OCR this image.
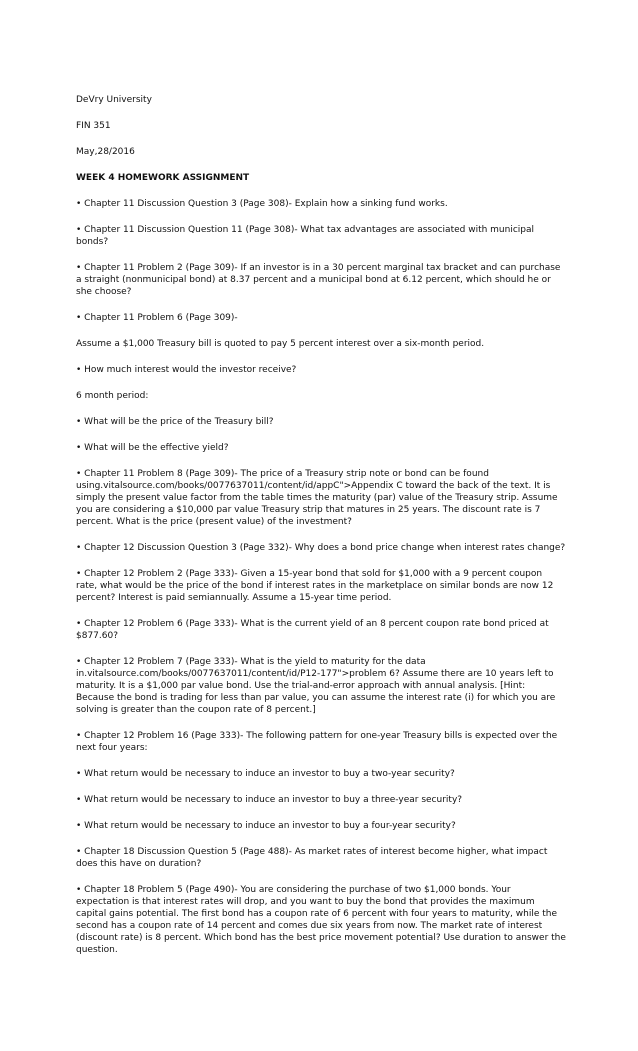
DeVry University

FIN 351

May,28/2016

WEEK 4 HOMEWORK ASSIGNMENT

• Chapter 11 Discussion Question 3 (Page 308)- Explain how a sinking fund works.

• Chapter 11 Discussion Question 11 (Page 308)- What tax advantages are associated with municipal bonds?

• Chapter 11 Problem 2 (Page 309)- If an investor is in a 30 percent marginal tax bracket and can purchase a straight (nonmunicipal bond) at 8.37 percent and a municipal bond at 6.12 percent, which should he or she choose?

• Chapter 11 Problem 6 (Page 309)-

Assume a $1,000 Treasury bill is quoted to pay 5 percent interest over a six-month period.

• How much interest would the investor receive?

6 month period:

• What will be the price of the Treasury bill?

• What will be the effective yield?

• Chapter 11 Problem 8 (Page 309)- The price of a Treasury strip note or bond can be found using.vitalsource.com/books/0077637011/content/id/appC">Appendix C toward the back of the text. It is simply the present value factor from the table times the maturity (par) value of the Treasury strip. Assume you are considering a $10,000 par value Treasury strip that matures in 25 years. The discount rate is 7 percent. What is the price (present value) of the investment?

• Chapter 12 Discussion Question 3 (Page 332)- Why does a bond price change when interest rates change?

• Chapter 12 Problem 2 (Page 333)- Given a 15-year bond that sold for $1,000 with a 9 percent coupon rate, what would be the price of the bond if interest rates in the marketplace on similar bonds are now 12 percent? Interest is paid semiannually. Assume a 15-year time period.

• Chapter 12 Problem 6 (Page 333)- What is the current yield of an 8 percent coupon rate bond priced at $877.60?

• Chapter 12 Problem 7 (Page 333)- What is the yield to maturity for the data in.vitalsource.com/books/0077637011/content/id/P12-177">problem 6? Assume there are 10 years left to maturity. It is a $1,000 par value bond. Use the trial-and-error approach with annual analysis. [Hint: Because the bond is trading for less than par value, you can assume the interest rate (i) for which you are solving is greater than the coupon rate of 8 percent.]

• Chapter 12 Problem 16 (Page 333)- The following pattern for one-year Treasury bills is expected over the next four years:

• What return would be necessary to induce an investor to buy a two-year security?

• What return would be necessary to induce an investor to buy a three-year security?

• What return would be necessary to induce an investor to buy a four-year security?

• Chapter 18 Discussion Question 5 (Page 488)- As market rates of interest become higher, what impact does this have on duration?

• Chapter 18 Problem 5 (Page 490)- You are considering the purchase of two $1,000 bonds. Your expectation is that interest rates will drop, and you want to buy the bond that provides the maximum capital gains potential. The first bond has a coupon rate of 6 percent with four years to maturity, while the second has a coupon rate of 14 percent and comes due six years from now. The market rate of interest (discount rate) is 8 percent. Which bond has the best price movement potential? Use duration to answer the question.
